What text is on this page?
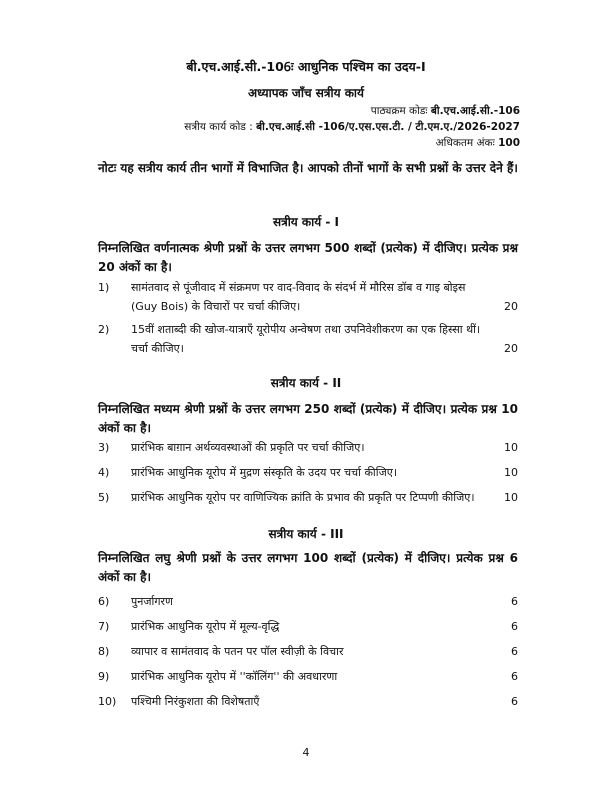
बी.एच.आई.सी.-106ः आधुनिक पश्चिम का उदय-I
अध्यापक जाँच सत्रीय कार्य
पाठ्यक्रम कोडः बी.एच.आई.सी.-106
सत्रीय कार्य कोड : बी.एच.आई.सी -106/ए.एस.एस.टी. / टी.एम.ए./2026-2027
अधिकतम अंकः 100
नोटः यह सत्रीय कार्य तीन भागों में विभाजित है। आपको तीनों भागों के सभी प्रश्नों के उत्तर देने हैं।
सत्रीय कार्य - I
निम्नलिखित वर्णनात्मक श्रेणी प्रश्नों के उत्तर लगभग 500 शब्दों (प्रत्येक) में दीजिए। प्रत्येक प्रश्न 20 अंकों का है।
1) सामंतवाद से पूंजीवाद में संक्रमण पर वाद-विवाद के संदर्भ में मौरिस डॉब व गाइ बोइस
(Guy Bois) के विचारों पर चर्चा कीजिए।	20
2) 15वीं शताब्दी की खोज-यात्राएँ यूरोपीय अन्वेषण तथा उपनिवेशीकरण का एक हिस्सा थीं।
चर्चा कीजिए।	20
सत्रीय कार्य - II
निम्नलिखित मध्यम श्रेणी प्रश्नों के उत्तर लगभग 250 शब्दों (प्रत्येक) में दीजिए। प्रत्येक प्रश्न 10 अंकों का है।
3) प्रारंभिक बाग़ान अर्थव्यवस्थाओं की प्रकृति पर चर्चा कीजिए।	10
4) प्रारंभिक आधुनिक यूरोप में मुद्रण संस्कृति के उदय पर चर्चा कीजिए।	10
5) प्रारंभिक आधुनिक यूरोप पर वाणिज्यिक क्रांति के प्रभाव की प्रकृति पर टिप्पणी कीजिए।	10
सत्रीय कार्य - III
निम्नलिखित लघु श्रेणी प्रश्नों के उत्तर लगभग 100 शब्दों (प्रत्येक) में दीजिए। प्रत्येक प्रश्न 6 अंकों का है।
6) पुनर्जागरण	6
7) प्रारंभिक आधुनिक यूरोप में मूल्य-वृद्धि	6
8) व्यापार व सामंतवाद के पतन पर पॉल स्वीज़ी के विचार	6
9) प्रारंभिक आधुनिक यूरोप में ''कॉलिंग'' की अवधारणा	6
10) पश्चिमी निरंकुशता की विशेषताएँ	6
4
